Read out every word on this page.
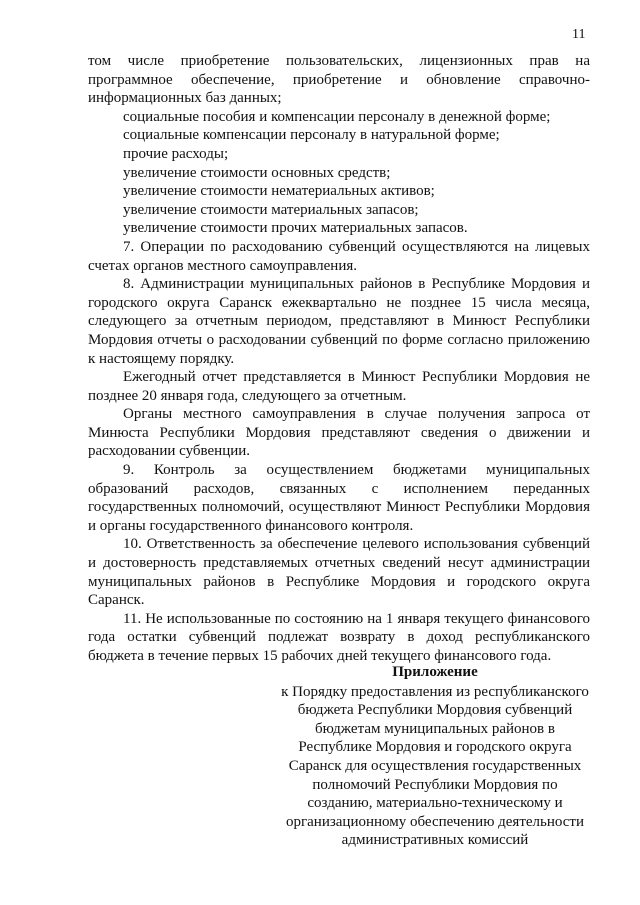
11

том числе приобретение пользовательских, лицензионных прав на программное обеспечение, приобретение и обновление справочно-информационных баз данных;

социальные пособия и компенсации персоналу в денежной форме;

социальные компенсации персоналу в натуральной форме;

прочие расходы;

увеличение стоимости основных средств;

увеличение стоимости нематериальных активов;

увеличение стоимости материальных запасов;

увеличение стоимости прочих материальных запасов.

7. Операции по расходованию субвенций осуществляются на лицевых счетах органов местного самоуправления.

8. Администрации муниципальных районов в Республике Мордовия и городского округа Саранск ежеквартально не позднее 15 числа месяца, следующего за отчетным периодом, представляют в Минюст Республики Мордовия отчеты о расходовании субвенций по форме согласно приложению к настоящему порядку.

Ежегодный отчет представляется в Минюст Республики Мордовия не позднее 20 января года, следующего за отчетным.

Органы местного самоуправления в случае получения запроса от Минюста Республики Мордовия представляют сведения о движении и расходовании субвенции.

9. Контроль за осуществлением бюджетами муниципальных образований расходов, связанных с исполнением переданных государственных полномочий, осуществляют Минюст Республики Мордовия и органы государственного финансового контроля.

10. Ответственность за обеспечение целевого использования субвенций и достоверность представляемых отчетных сведений несут администрации муниципальных районов в Республике Мордовия и городского округа Саранск.

11. Не использованные по состоянию на 1 января текущего финансового года остатки субвенций подлежат возврату в доход республиканского бюджета в течение первых 15 рабочих дней текущего финансового года.

Приложение

к Порядку предоставления из республиканского

бюджета Республики Мордовия субвенций

бюджетам муниципальных районов в

Республике Мордовия и городского округа

Саранск для осуществления государственных

полномочий Республики Мордовия по

созданию, материально-техническому и

организационному обеспечению деятельности

административных комиссий
